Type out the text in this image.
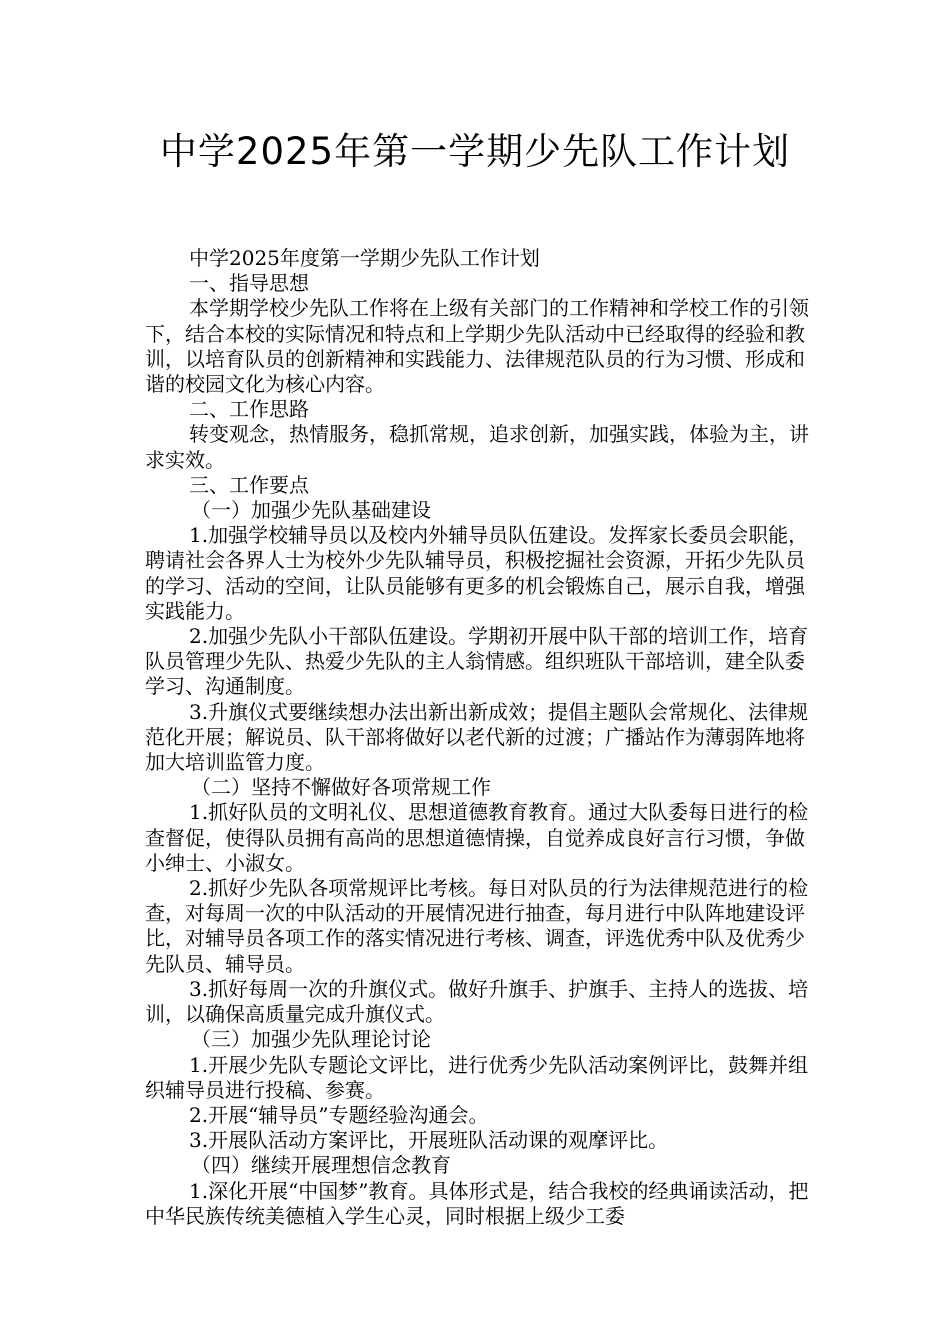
中学2025年第一学期少先队工作计划

中学2025年度第一学期少先队工作计划

一、指导思想

本学期学校少先队工作将在上级有关部门的工作精神和学校工作的引领下，结合本校的实际情况和特点和上学期少先队活动中已经取得的经验和教训，以培育队员的创新精神和实践能力、法律规范队员的行为习惯、形成和谐的校园文化为核心内容。

二、工作思路

转变观念，热情服务，稳抓常规，追求创新，加强实践，体验为主，讲求实效。

三、工作要点

（一）加强少先队基础建设

1.加强学校辅导员以及校内外辅导员队伍建设。发挥家长委员会职能，聘请社会各界人士为校外少先队辅导员，积极挖掘社会资源，开拓少先队员的学习、活动的空间，让队员能够有更多的机会锻炼自己，展示自我，增强实践能力。

2.加强少先队小干部队伍建设。学期初开展中队干部的培训工作，培育队员管理少先队、热爱少先队的主人翁情感。组织班队干部培训，建全队委学习、沟通制度。

3.升旗仪式要继续想办法出新出新成效；提倡主题队会常规化、法律规范化开展；解说员、队干部将做好以老代新的过渡；广播站作为薄弱阵地将加大培训监管力度。

（二）坚持不懈做好各项常规工作

1.抓好队员的文明礼仪、思想道德教育教育。通过大队委每日进行的检查督促，使得队员拥有高尚的思想道德情操，自觉养成良好言行习惯，争做小绅士、小淑女。

2.抓好少先队各项常规评比考核。每日对队员的行为法律规范进行的检查，对每周一次的中队活动的开展情况进行抽查，每月进行中队阵地建设评比，对辅导员各项工作的落实情况进行考核、调查，评选优秀中队及优秀少先队员、辅导员。

3.抓好每周一次的升旗仪式。做好升旗手、护旗手、主持人的选拔、培训，以确保高质量完成升旗仪式。

（三）加强少先队理论讨论

1.开展少先队专题论文评比，进行优秀少先队活动案例评比，鼓舞并组织辅导员进行投稿、参赛。

2.开展“辅导员”专题经验沟通会。

3.开展队活动方案评比，开展班队活动课的观摩评比。

（四）继续开展理想信念教育

1.深化开展“中国梦”教育。具体形式是，结合我校的经典诵读活动，把中华民族传统美德植入学生心灵，同时根据上级少工委
